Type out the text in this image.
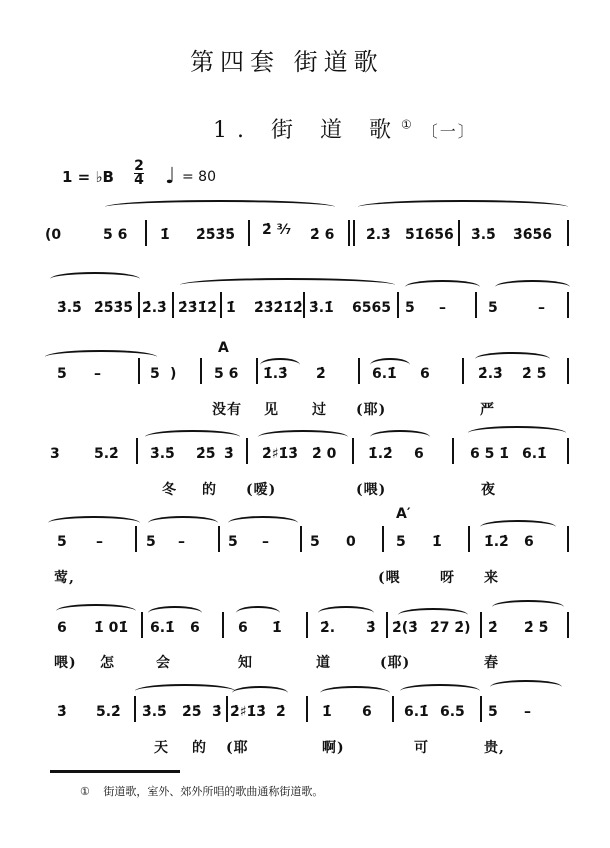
第四套 街道歌
1. 街 道 歌①〔一〕
1 = ♭B
2
4 ♩ = 80
(0	5 6 1̇ 2̇5̇3̇5̇ 2̇ ³⁄₇ 2̇ 6 2̇.3̇ 5̇1̇6̇5̇6̇ 3̇.5̇ 3̇6̇5̇6̇
3̇.5̇ 2̇5̇3̇5̇ 2̇.3̇ 2̇3̇1̇2̇ 1̇ 2̇3̇2̇1̇2̇ 3̇.1̇ 6565 5 –	5	–
A
5 –	5 )	5 6 1̇.3̇ 2̇	6.1̇ 6	2̇.3̇ 2̇ 5̇
没有 见 过 (耶)	严
3 5.2̇ 3̇.5̇ 2̇5̇ 3̇ 2̇♯1̇3̇ 2̇ 0 1̇.2̇ 6	6 5 1̇ 6.1̇
冬 的 (嗳)	(喂)	夜
A′
5 –	5 –	5 –	5 0	5 1̇	1̇.2̇ 6
莺,	(喂	呀 来
6 1̇ 01̇ 6.1̇ 6	6 1̇	2̇. 3̇ 2̇(3̇ 2̇7 2̇) 2̇ 2̇ 5̇
喂) 怎	会	知	道	(耶)	春
3̇ 5.2̇ 3̇.5̇ 2̇5̇ 3̇ 2̇♯1̇3̇ 2̇	1̇ 6 6.1̇ 6.5 5 –
天 的 (耶	啊)	可	贵,
① 街道歌，室外、郊外所唱的歌曲通称街道歌。
